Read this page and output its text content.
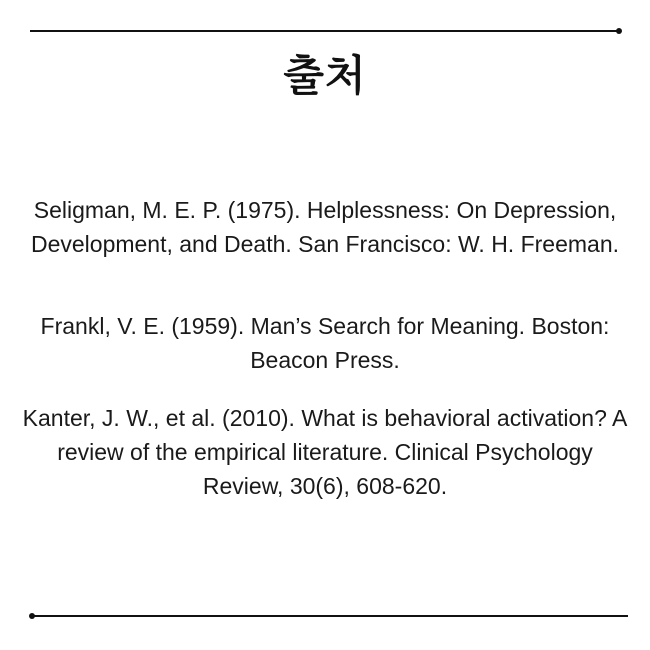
출처
Seligman, M. E. P. (1975). Helplessness: On Depression,
Development, and Death. San Francisco: W. H. Freeman.
Frankl, V. E. (1959). Man’s Search for Meaning. Boston:
Beacon Press.
Kanter, J. W., et al. (2010). What is behavioral activation? A
review of the empirical literature. Clinical Psychology
Review, 30(6), 608-620.
